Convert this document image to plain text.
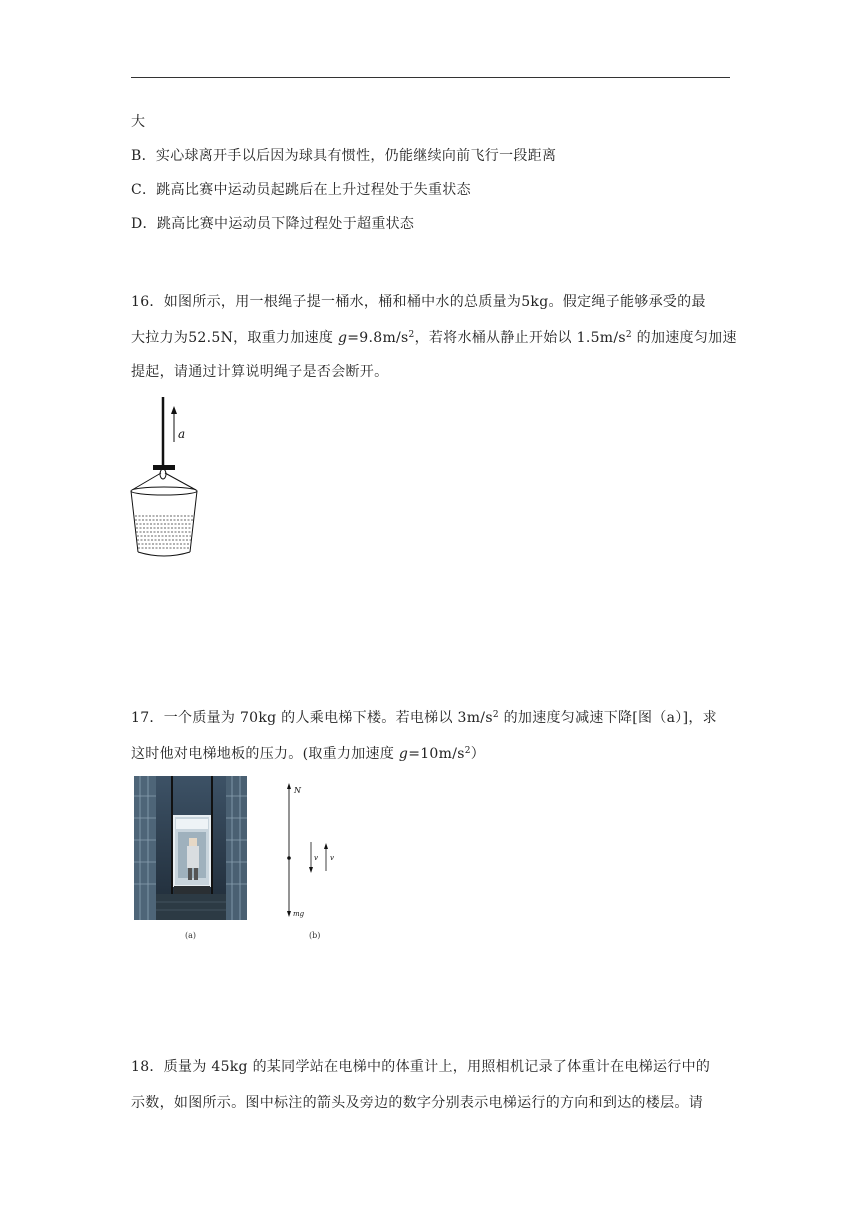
大
B．实心球离开手以后因为球具有惯性，仍能继续向前飞行一段距离
C．跳高比赛中运动员起跳后在上升过程处于失重状态
D．跳高比赛中运动员下降过程处于超重状态
16．如图所示，用一根绳子提一桶水，桶和桶中水的总质量为5kg。假定绳子能够承受的最
大拉力为52.5N，取重力加速度 $g=9.8m/s^2$，若将水桶从静止开始以 $1.5m/s^2$ 的加速度匀加速
提起，请通过计算说明绳子是否会断开。
a
17．一个质量为 70kg 的人乘电梯下楼。若电梯以 $3m/s^2$ 的加速度匀减速下降[图（a）]，求
这时他对电梯地板的压力。(取重力加速度 $g=10m/s^2$）
(a)
N
mg
v v
(b)
18．质量为 45kg 的某同学站在电梯中的体重计上，用照相机记录了体重计在电梯运行中的
示数，如图所示。图中标注的箭头及旁边的数字分别表示电梯运行的方向和到达的楼层。请
